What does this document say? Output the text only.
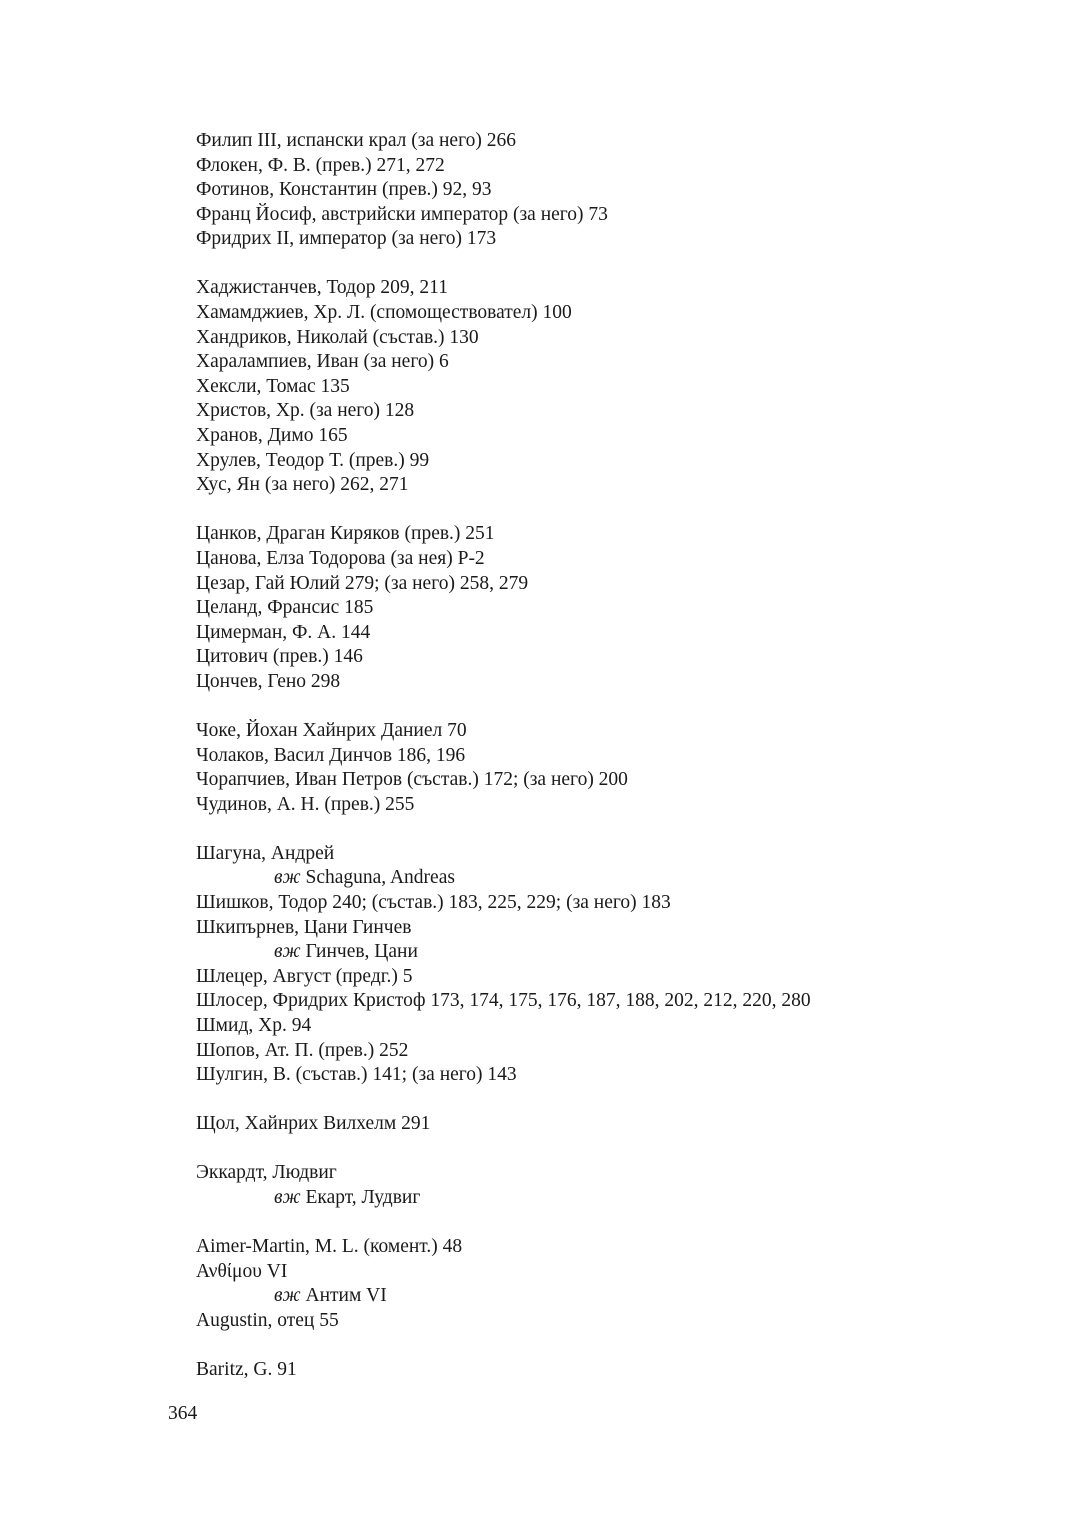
Филип III, испански крал (за него) 266
Флокен, Ф. В. (прев.) 271, 272
Фотинов, Константин (прев.) 92, 93
Франц Йосиф, австрийски император (за него) 73
Фридрих II, император (за него) 173
Хаджистанчев, Тодор 209, 211
Хамамджиев, Хр. Л. (спомоществовател) 100
Хандриков, Николай (състав.) 130
Харалампиев, Иван (за него) 6
Хексли, Томас 135
Христов, Хр. (за него) 128
Хранов, Димо 165
Хрулев, Теодор Т. (прев.) 99
Хус, Ян (за него) 262, 271
Цанков, Драган Киряков (прев.) 251
Цанова, Елза Тодорова (за нея) Р-2
Цезар, Гай Юлий 279; (за него) 258, 279
Целанд, Франсис 185
Цимерман, Ф. А. 144
Цитович (прев.) 146
Цончев, Гено 298
Чоке, Йохан Хайнрих Даниел 70
Чолаков, Васил Динчов 186, 196
Чорапчиев, Иван Петров (състав.) 172; (за него) 200
Чудинов, А. Н. (прев.) 255
Шагуна, Андрей
вж Schaguna, Andreas
Шишков, Тодор 240; (състав.) 183, 225, 229; (за него) 183
Шкипърнев, Цани Гинчев
вж Гинчев, Цани
Шлецер, Август (предг.) 5
Шлосер, Фридрих Кристоф 173, 174, 175, 176, 187, 188, 202, 212, 220, 280
Шмид, Хр. 94
Шопов, Ат. П. (прев.) 252
Шулгин, В. (състав.) 141; (за него) 143
Щол, Хайнрих Вилхелм 291
Эккардт, Людвиг
вж Екарт, Лудвиг
Aimer-Martin, M. L. (комент.) 48
Ανθίμου VI
вж Антим VI
Augustin, отец 55
Baritz, G. 91
364
